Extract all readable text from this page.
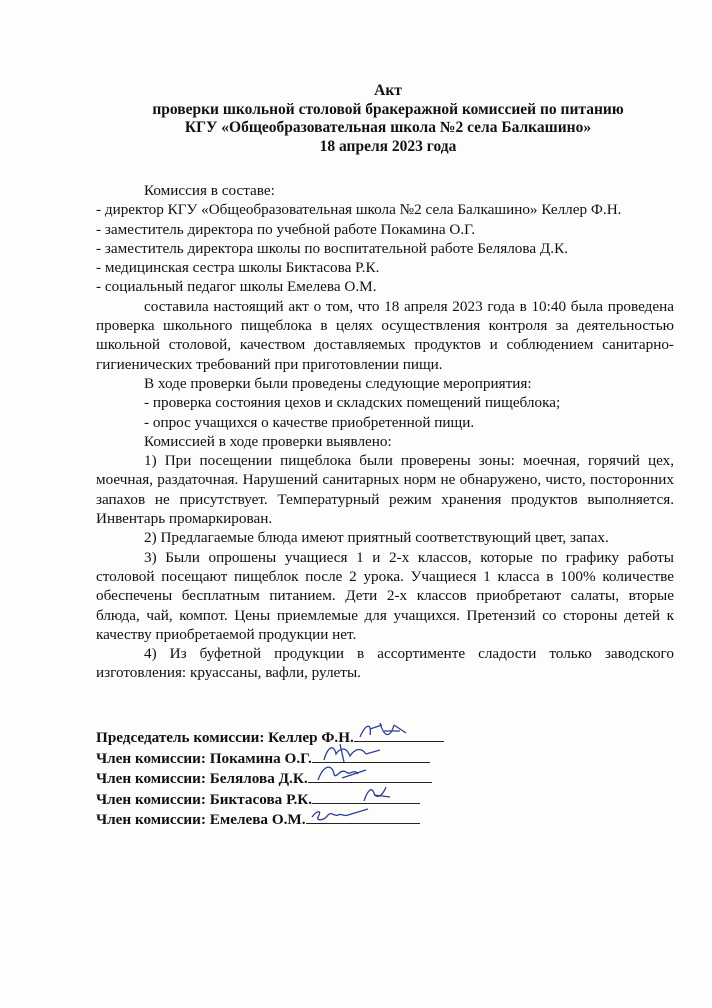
Акт
проверки школьной столовой бракеражной комиссией по питанию
КГУ «Общеобразовательная школа №2 села Балкашино»
18 апреля 2023 года

Комиссия в составе:

- директор КГУ «Общеобразовательная школа №2 села Балкашино» Келлер Ф.Н.

- заместитель директора по учебной работе Покамина О.Г.

- заместитель директора школы по воспитательной работе Белялова Д.К.

- медицинская сестра школы Биктасова Р.К.

- социальный педагог школы Емелева О.М.

составила настоящий акт о том, что 18 апреля 2023 года в 10:40 была проведена проверка школьного пищеблока в целях осуществления контроля за деятельностью школьной столовой, качеством доставляемых продуктов и соблюдением санитарно-гигиенических требований при приготовлении пищи.

В ходе проверки были проведены следующие мероприятия:

- проверка состояния цехов и складских помещений пищеблока;

- опрос учащихся о качестве приобретенной пищи.

Комиссией в ходе проверки выявлено:

1) При посещении пищеблока были проверены зоны: моечная, горячий цех, моечная, раздаточная. Нарушений санитарных норм не обнаружено, чисто, посторонних запахов не присутствует. Температурный режим хранения продуктов выполняется. Инвентарь промаркирован.

2) Предлагаемые блюда имеют приятный соответствующий цвет, запах.

3) Были опрошены учащиеся 1 и 2-х классов, которые по графику работы столовой посещают пищеблок после 2 урока. Учащиеся 1 класса в 100% количестве обеспечены бесплатным питанием. Дети 2-х классов приобретают салаты, вторые блюда, чай, компот. Цены приемлемые для учащихся. Претензий со стороны детей к качеству приобретаемой продукции нет.

4) Из буфетной продукции в ассортименте сладости только заводского изготовления: круассаны, вафли, рулеты.

Председатель комиссии: Келлер Ф.Н.
Член комиссии: Покамина О.Г.
Член комиссии: Белялова Д.К.
Член комиссии: Биктасова Р.К.
Член комиссии: Емелева О.М.
